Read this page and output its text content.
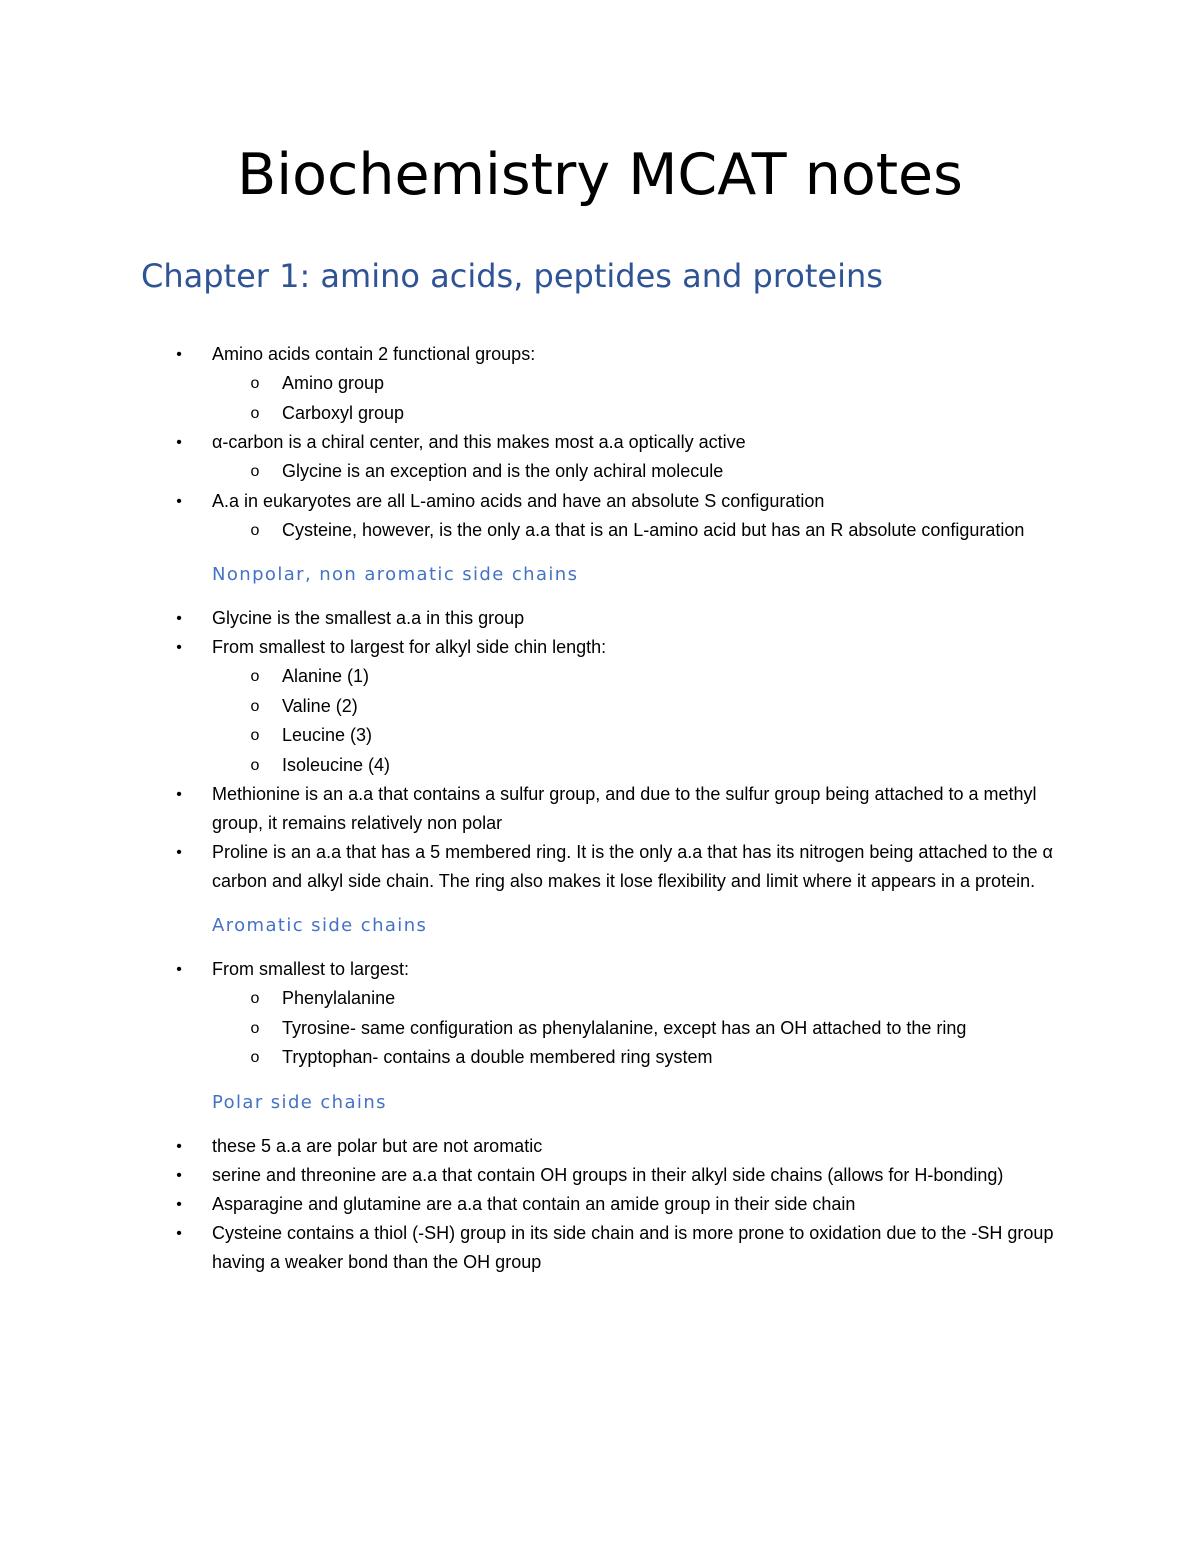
Biochemistry MCAT notes
Chapter 1: amino acids, peptides and proteins
• Amino acids contain 2 functional groups:
o Amino group
o Carboxyl group
• α-carbon is a chiral center, and this makes most a.a optically active
o Glycine is an exception and is the only achiral molecule
• A.a in eukaryotes are all L-amino acids and have an absolute S configuration
o Cysteine, however, is the only a.a that is an L-amino acid but has an R absolute configuration
Nonpolar, non aromatic side chains
• Glycine is the smallest a.a in this group
• From smallest to largest for alkyl side chin length:
o Alanine (1)
o Valine (2)
o Leucine (3)
o Isoleucine (4)
• Methionine is an a.a that contains a sulfur group, and due to the sulfur group being attached to a methyl group, it remains relatively non polar
• Proline is an a.a that has a 5 membered ring. It is the only a.a that has its nitrogen being attached to the α carbon and alkyl side chain. The ring also makes it lose flexibility and limit where it appears in a protein.
Aromatic side chains
• From smallest to largest:
o Phenylalanine
o Tyrosine- same configuration as phenylalanine, except has an OH attached to the ring
o Tryptophan- contains a double membered ring system
Polar side chains
• these 5 a.a are polar but are not aromatic
• serine and threonine are a.a that contain OH groups in their alkyl side chains (allows for H-bonding)
• Asparagine and glutamine are a.a that contain an amide group in their side chain
• Cysteine contains a thiol (-SH) group in its side chain and is more prone to oxidation due to the -SH group having a weaker bond than the OH group
